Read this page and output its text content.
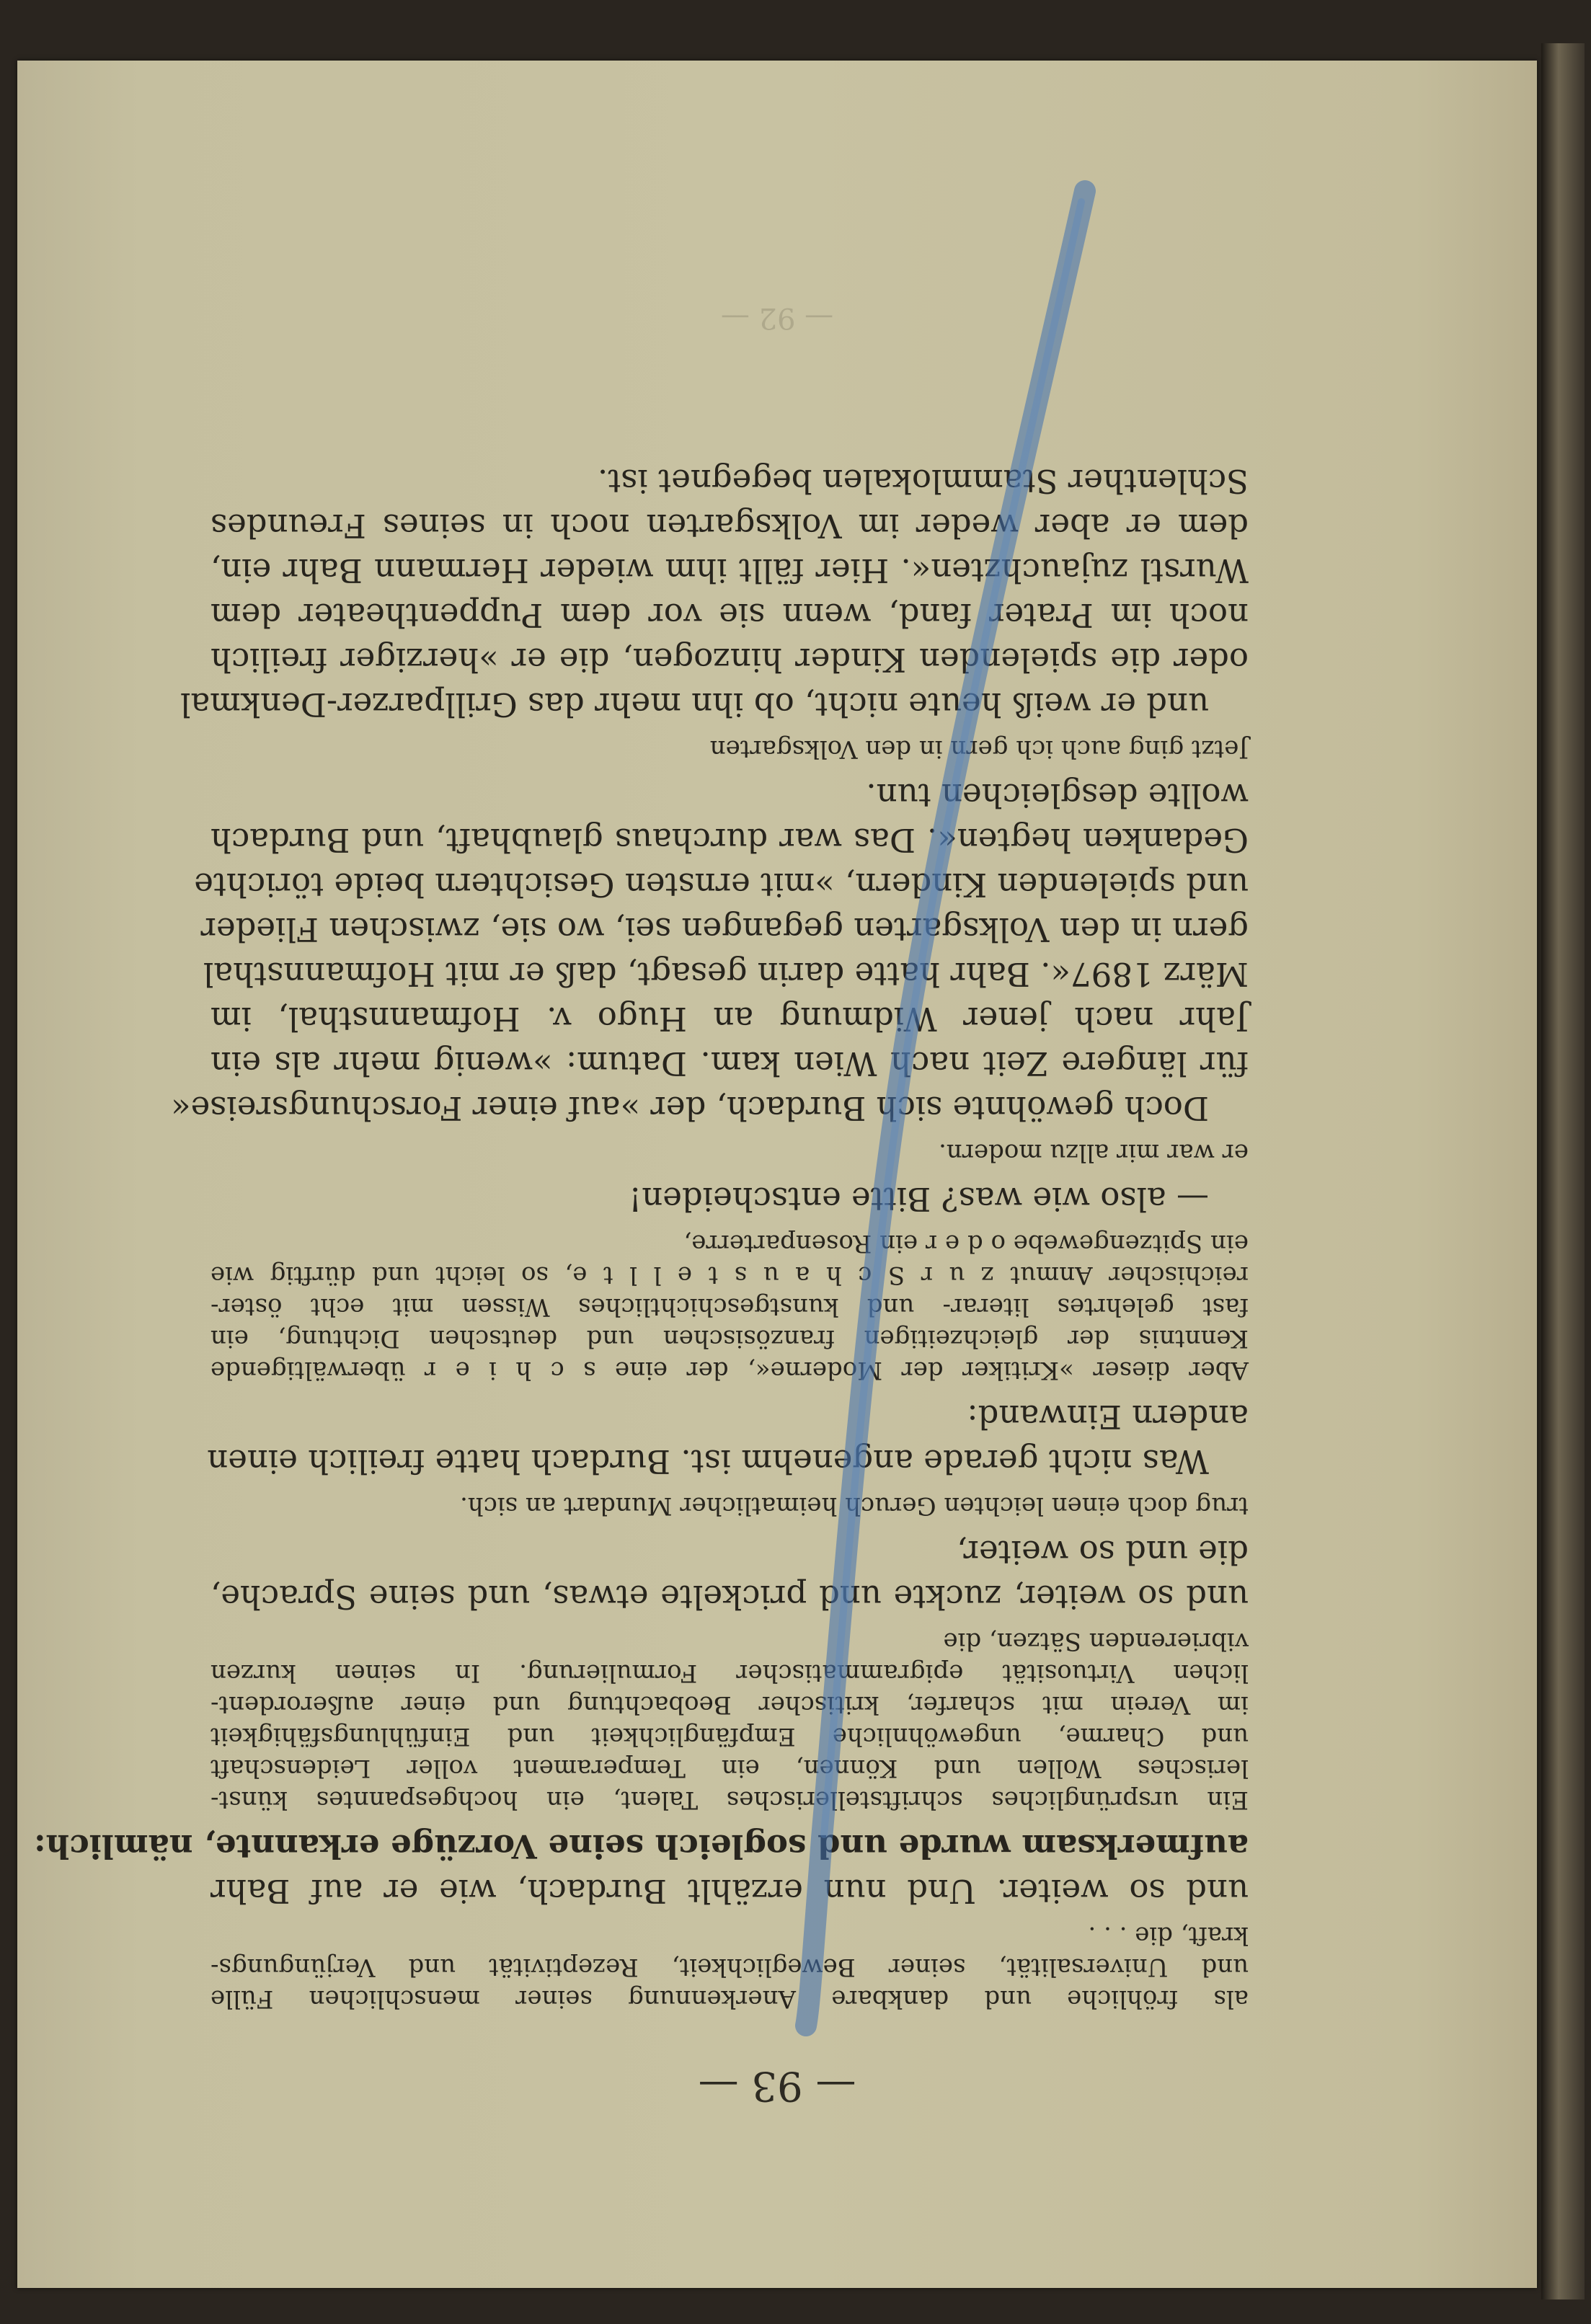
— 93 —
— 92 —
als fröhliche und dankbare Anerkennung seiner menschlichen Fülle
und Universalität, seiner Beweglichkeit, Rezeptivität und Verjüngungs-
kraft, die . . .
und so weiter. Und nun erzählt Burdach, wie er auf Bahr
aufmerksam wurde und sogleich seine Vorzüge erkannte, nämlich:
Ein ursprüngliches schriftstellerisches Talent, ein hochgespanntes künst-
lerisches Wollen und Können, ein Temperament voller Leidenschaft
und Charme, ungewöhnliche Empfänglichkeit und Einfühlungsfähigkeit
im Verein mit scharfer, kritischer Beobachtung und einer außerordent-
lichen Virtuosität epigrammatischer Formulierung. In seinen kurzen
vibrierenden Sätzen, die
und so weiter, zuckte und prickelte etwas, und seine Sprache,
die und so weiter,
trug doch einen leichten Geruch heimatlicher Mundart an sich.
Was nicht gerade angenehm ist. Burdach hatte freilich einen
andern Einwand:
Aber dieser »Kritiker der Moderne«, der eine s c h i e r überwältigende
Kenntnis der gleichzeitigen französischen und deutschen Dichtung, ein
fast gelehrtes literar- und kunstgeschichtliches Wissen mit echt öster-
reichischer Anmut z u r S c h a u s t e l l t e, so leicht und dürftig wie
ein Spitzengewebe o d e r ein Rosenparterre,
— also wie was? Bitte entscheiden!
er war mir allzu modern.
Doch gewöhnte sich Burdach, der »auf einer Forschungsreise«
für längere Zeit nach Wien kam. Datum: »wenig mehr als ein
Jahr nach jener Widmung an Hugo v. Hofmannsthal, im
März 1897«. Bahr hatte darin gesagt, daß er mit Hofmannsthal
gern in den Volksgarten gegangen sei, wo sie, zwischen Flieder
und spielenden Kindern, »mit ernsten Gesichtern beide törichte
Gedanken hegten«. Das war durchaus glaubhaft, und Burdach
wollte desgleichen tun.
Jetzt ging auch ich gern in den Volksgarten
und er weiß heute nicht, ob ihn mehr das Grillparzer-Denkmal
oder die spielenden Kinder hinzogen, die er »herziger freilich
noch im Prater fand, wenn sie vor dem Puppentheater dem
Wurstl zujauchzten«. Hier fällt ihm wieder Hermann Bahr ein,
dem er aber weder im Volksgarten noch in seines Freundes
Schlenther Stammlokalen begegnet ist.
